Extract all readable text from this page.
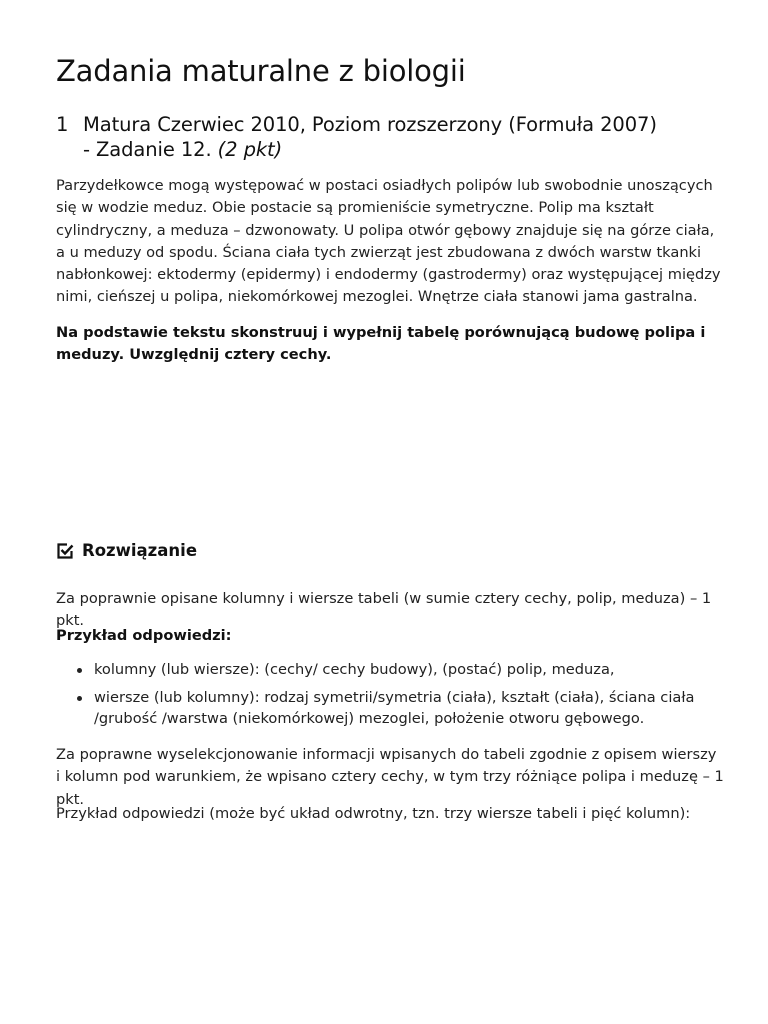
Zadania maturalne z biologii
1 Matura Czerwiec 2010, Poziom rozszerzony (Formuła 2007)
- Zadanie 12. (2 pkt)

Parzydełkowce mogą występować w postaci osiadłych polipów lub swobodnie unoszących się w wodzie meduz. Obie postacie są promieniście symetryczne. Polip ma kształt cylindryczny, a meduza – dzwonowaty. U polipa otwór gębowy znajduje się na górze ciała, a u meduzy od spodu. Ściana ciała tych zwierząt jest zbudowana z dwóch warstw tkanki nabłonkowej: ektodermy (epidermy) i endodermy (gastrodermy) oraz występującej między nimi, cieńszej u polipa, niekomórkowej mezoglei. Wnętrze ciała stanowi jama gastralna.

Na podstawie tekstu skonstruuj i wypełnij tabelę porównującą budowę polipa i meduzy. Uwzględnij cztery cechy.

Rozwiązanie

Za poprawnie opisane kolumny i wiersze tabeli (w sumie cztery cechy, polip, meduza) – 1 pkt.

Przykład odpowiedzi:

kolumny (lub wiersze): (cechy/ cechy budowy), (postać) polip, meduza,
wiersze (lub kolumny): rodzaj symetrii/symetria (ciała), kształt (ciała), ściana ciała /grubość /warstwa (niekomórkowej) mezoglei, położenie otworu gębowego.

Za poprawne wyselekcjonowanie informacji wpisanych do tabeli zgodnie z opisem wierszy i kolumn pod warunkiem, że wpisano cztery cechy, w tym trzy różniące polipa i meduzę – 1 pkt.

Przykład odpowiedzi (może być układ odwrotny, tzn. trzy wiersze tabeli i pięć kolumn):
